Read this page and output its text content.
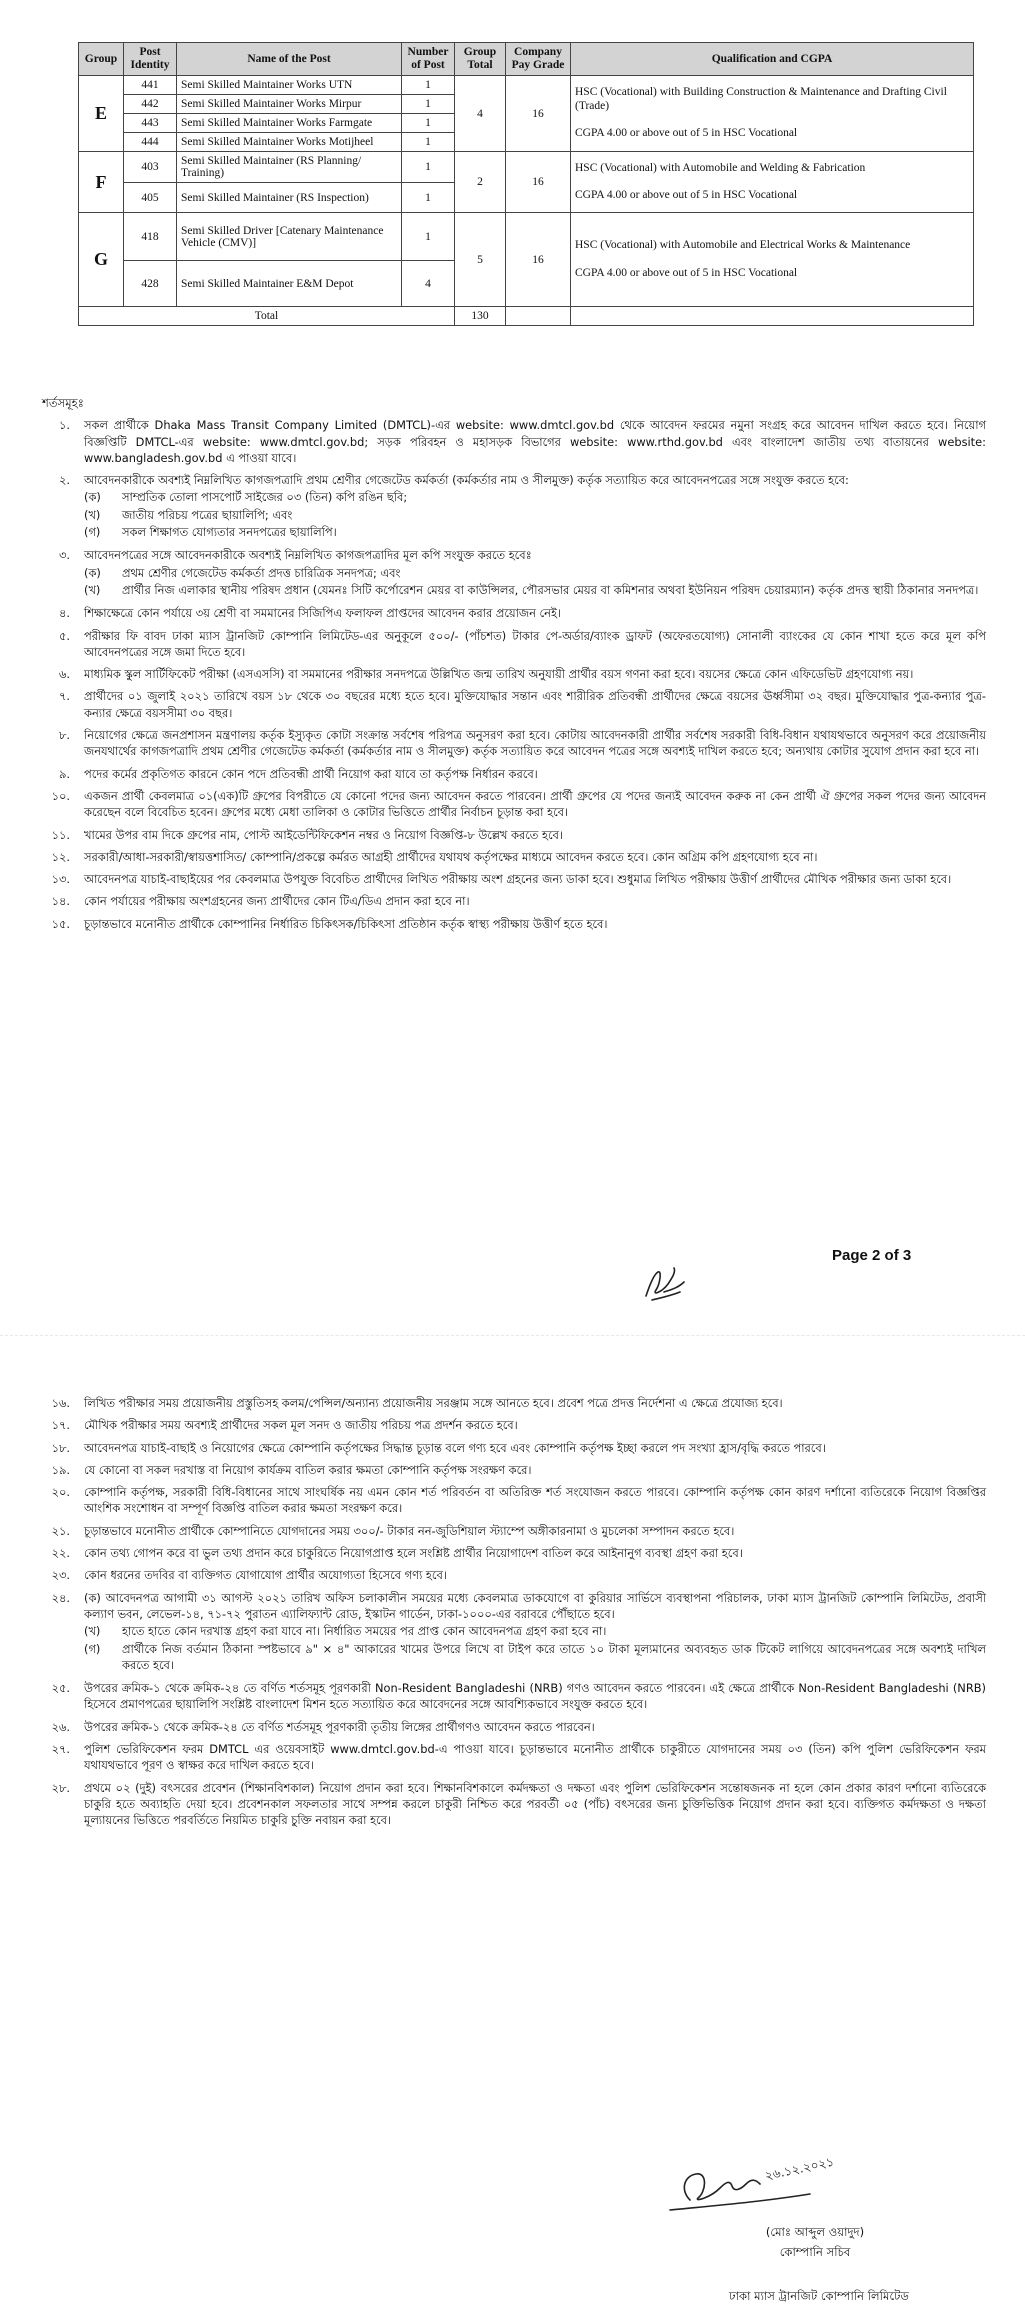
Group	Post Identity	Name of the Post	Number of Post	Group Total	Company Pay Grade	Qualification and CGPA
E	441	Semi Skilled Maintainer Works UTN	1	4	16	HSC (Vocational) with Building Construction & Maintenance and Drafting Civil (Trade)
CGPA 4.00 or above out of 5 in HSC Vocational

	442	Semi Skilled Maintainer Works Mirpur	1			
	443	Semi Skilled Maintainer Works Farmgate	1			
	444	Semi Skilled Maintainer Works Motijheel	1			
F	403	Semi Skilled Maintainer (RS Planning/ Training)	1	2	16	HSC (Vocational) with Automobile and Welding & Fabrication
CGPA 4.00 or above out of 5 in HSC Vocational

	405	Semi Skilled Maintainer (RS Inspection)	1			
G	418	Semi Skilled Driver [Catenary Maintenance Vehicle (CMV)]	1	5	16	HSC (Vocational) with Automobile and Electrical Works & Maintenance
CGPA 4.00 or above out of 5 in HSC Vocational

	428	Semi Skilled Maintainer E&M Depot	4			
Total				130		
শর্তসমূহঃ
১.	সকল প্রার্থীকে Dhaka Mass Transit Company Limited (DMTCL)-এর website: www.dmtcl.gov.bd থেকে আবেদন ফরমের নমুনা সংগ্রহ করে আবেদন দাখিল করতে হবে। নিয়োগ বিজ্ঞপ্তিটি DMTCL-এর website: www.dmtcl.gov.bd; সড়ক পরিবহন ও মহাসড়ক বিভাগের website: www.rthd.gov.bd এবং বাংলাদেশ জাতীয় তথ্য বাতায়নের website: www.bangladesh.gov.bd এ পাওয়া যাবে।
২.	আবেদনকারীকে অবশ্যই নিম্নলিখিত কাগজপত্রাদি প্রথম শ্রেণীর গেজেটেড কর্মকর্তা (কর্মকর্তার নাম ও সীলমুক্ত) কর্তৃক সত্যায়িত করে আবেদনপত্রের সঙ্গে সংযুক্ত করতে হবে:
(ক)	সাম্প্রতিক তোলা পাসপোর্ট সাইজের ০৩ (তিন) কপি রঙিন ছবি;
(খ)	জাতীয় পরিচয় পত্রের ছায়ালিপি; এবং
(গ)	সকল শিক্ষাগত যোগ্যতার সনদপত্রের ছায়ালিপি।
৩.	আবেদনপত্রের সঙ্গে আবেদনকারীকে অবশ্যই নিম্নলিখিত কাগজপত্রাদির মূল কপি সংযুক্ত করতে হবেঃ
(ক)	প্রথম শ্রেণীর গেজেটেড কর্মকর্তা প্রদত্ত চারিত্রিক সনদপত্র; এবং
(খ)	প্রার্থীর নিজ এলাকার স্থানীয় পরিষদ প্রধান (যেমনঃ সিটি কর্পোরেশন মেয়র বা কাউন্সিলর, পৌরসভার মেয়র বা কমিশনার অথবা ইউনিয়ন পরিষদ চেয়ারম্যান) কর্তৃক প্রদত্ত স্থায়ী ঠিকানার সনদপত্র।
৪.	শিক্ষাক্ষেত্রে কোন পর্যায়ে ৩য় শ্রেণী বা সমমানের সিজিপিএ ফলাফল প্রাপ্তদের আবেদন করার প্রয়োজন নেই।
৫.	পরীক্ষার ফি বাবদ ঢাকা ম্যাস ট্রানজিট কোম্পানি লিমিটেড-এর অনুকূলে ৫০০/- (পাঁচশত) টাকার পে-অর্ডার/ব্যাংক ড্রাফট (অফেরতযোগ্য) সোনালী ব্যাংকের যে কোন শাখা হতে করে মূল কপি আবেদনপত্রের সঙ্গে জমা দিতে হবে।
৬.	মাধ্যমিক স্কুল সার্টিফিকেট পরীক্ষা (এসএসসি) বা সমমানের পরীক্ষার সনদপত্রে উল্লিখিত জন্ম তারিখ অনুযায়ী প্রার্থীর বয়স গণনা করা হবে। বয়সের ক্ষেত্রে কোন এফিডেভিট গ্রহণযোগ্য নয়।
৭.	প্রার্থীদের ০১ জুলাই ২০২১ তারিখে বয়স ১৮ থেকে ৩০ বছরের মধ্যে হতে হবে। মুক্তিযোদ্ধার সন্তান এবং শারীরিক প্রতিবন্ধী প্রার্থীদের ক্ষেত্রে বয়সের ঊর্ধ্বসীমা ৩২ বছর। মুক্তিযোদ্ধার পুত্র-কন্যার পুত্র-কন্যার ক্ষেত্রে বয়সসীমা ৩০ বছর।
৮.	নিয়োগের ক্ষেত্রে জনপ্রশাসন মন্ত্রণালয় কর্তৃক ইস্যুকৃত কোটা সংক্রান্ত সর্বশেষ পরিপত্র অনুসরণ করা হবে। কোটায় আবেদনকারী প্রার্থীর সর্বশেষ সরকারী বিধি-বিধান যথাযথভাবে অনুসরণ করে প্রয়োজনীয় জনযথার্থের কাগজপত্রাদি প্রথম শ্রেণীর গেজেটেড কর্মকর্তা (কর্মকর্তার নাম ও সীলমুক্ত) কর্তৃক সত্যায়িত করে আবেদন পত্রের সঙ্গে অবশ্যই দাখিল করতে হবে; অন্যথায় কোটার সুযোগ প্রদান করা হবে না।
৯.	পদের কর্মের প্রকৃতিগত কারনে কোন পদে প্রতিবন্ধী প্রার্থী নিয়োগ করা যাবে তা কর্তৃপক্ষ নির্ধারন করবে।
১০.	একজন প্রার্থী কেবলমাত্র ০১(এক)টি গ্রুপের বিপরীতে যে কোনো পদের জন্য আবেদন করতে পারবেন। প্রার্থী গ্রুপের যে পদের জন্যই আবেদন করুক না কেন প্রার্থী ঐ গ্রুপের সকল পদের জন্য আবেদন করেছেন বলে বিবেচিত হবেন। গ্রুপের মধ্যে মেধা তালিকা ও কোটার ভিত্তিতে প্রার্থীর নির্বাচন চূড়ান্ত করা হবে।
১১.	খামের উপর বাম দিকে গ্রুপের নাম, পোস্ট আইডেন্টিফিকেশন নম্বর ও নিয়োগ বিজ্ঞপ্তি-৮ উল্লেখ করতে হবে।
১২.	সরকারী/আধা-সরকারী/স্বায়ত্তশাসিত/ কোম্পানি/প্রকল্পে কর্মরত আগ্রহী প্রার্থীদের যথাযথ কর্তৃপক্ষের মাধ্যমে আবেদন করতে হবে। কোন অগ্রিম কপি গ্রহণযোগ্য হবে না।
১৩.	আবেদনপত্র যাচাই-বাছাইয়ের পর কেবলমাত্র উপযুক্ত বিবেচিত প্রার্থীদের লিখিত পরীক্ষায় অংশ গ্রহনের জন্য ডাকা হবে। শুধুমাত্র লিখিত পরীক্ষায় উত্তীর্ণ প্রার্থীদের মৌখিক পরীক্ষার জন্য ডাকা হবে।
১৪.	কোন পর্যায়ের পরীক্ষায় অংশগ্রহনের জন্য প্রার্থীদের কোন টিএ/ডিএ প্রদান করা হবে না।
১৫.	চূড়ান্তভাবে মনোনীত প্রার্থীকে কোম্পানির নির্ধারিত চিকিৎসক/চিকিৎসা প্রতিষ্ঠান কর্তৃক স্বাস্থ্য পরীক্ষায় উত্তীর্ণ হতে হবে।
Page 2 of 3
১৬.	লিখিত পরীক্ষার সময় প্রয়োজনীয় প্রস্তুতিসহ কলম/পেন্সিল/অন্যান্য প্রয়োজনীয় সরঞ্জাম সঙ্গে আনতে হবে। প্রবেশ পত্রে প্রদত্ত নির্দেশনা এ ক্ষেত্রে প্রযোজ্য হবে।
১৭.	মৌখিক পরীক্ষার সময় অবশ্যই প্রার্থীদের সকল মূল সনদ ও জাতীয় পরিচয় পত্র প্রদর্শন করতে হবে।
১৮.	আবেদনপত্র যাচাই-বাছাই ও নিয়োগের ক্ষেত্রে কোম্পানি কর্তৃপক্ষের সিদ্ধান্ত চূড়ান্ত বলে গণ্য হবে এবং কোম্পানি কর্তৃপক্ষ ইচ্ছা করলে পদ সংখ্যা হ্রাস/বৃদ্ধি করতে পারবে।
১৯.	যে কোনো বা সকল দরখাস্ত বা নিয়োগ কার্যক্রম বাতিল করার ক্ষমতা কোম্পানি কর্তৃপক্ষ সংরক্ষণ করে।
২০.	কোম্পানি কর্তৃপক্ষ, সরকারী বিধি-বিধানের সাথে সাংঘর্ষিক নয় এমন কোন শর্ত পরিবর্তন বা অতিরিক্ত শর্ত সংযোজন করতে পারবে। কোম্পানি কর্তৃপক্ষ কোন কারণ দর্শানো ব্যতিরেকে নিয়োগ বিজ্ঞপ্তির আংশিক সংশোধন বা সম্পূর্ণ বিজ্ঞপ্তি বাতিল করার ক্ষমতা সংরক্ষণ করে।
২১.	চূড়ান্তভাবে মনোনীত প্রার্থীকে কোম্পানিতে যোগদানের সময় ৩০০/- টাকার নন-জুডিশিয়াল স্ট্যাম্পে অঙ্গীকারনামা ও মুচলেকা সম্পাদন করতে হবে।
২২.	কোন তথ্য গোপন করে বা ভুল তথ্য প্রদান করে চাকুরিতে নিয়োগপ্রাপ্ত হলে সংশ্লিষ্ট প্রার্থীর নিয়োগাদেশ বাতিল করে আইনানুগ ব্যবস্থা গ্রহণ করা হবে।
২৩.	কোন ধরনের তদবির বা ব্যক্তিগত যোগাযোগ প্রার্থীর অযোগ্যতা হিসেবে গণ্য হবে।
২৪.	(ক) আবেদনপত্র আগামী ৩১ আগস্ট ২০২১ তারিখ অফিস চলাকালীন সময়ের মধ্যে কেবলমাত্র ডাকযোগে বা কুরিয়ার সার্ভিসে ব্যবস্থাপনা পরিচালক, ঢাকা ম্যাস ট্রানজিট কোম্পানি লিমিটেড, প্রবাসী কল্যাণ ভবন, লেভেল-১৪, ৭১-৭২ পুরাতন এ্যালিফ্যান্ট রোড, ইস্কাটন গার্ডেন, ঢাকা-১০০০-এর বরাবরে পৌঁছাতে হবে।
(খ)	হাতে হাতে কোন দরখাস্ত গ্রহণ করা যাবে না। নির্ধারিত সময়ের পর প্রাপ্ত কোন আবেদনপত্র গ্রহণ করা হবে না।
(গ)	প্রার্থীকে নিজ বর্তমান ঠিকানা স্পষ্টভাবে ৯" × ৪" আকারের খামের উপরে লিখে বা টাইপ করে তাতে ১০ টাকা মূল্যমানের অব্যবহৃত ডাক টিকেট লাগিয়ে আবেদনপত্রের সঙ্গে অবশ্যই দাখিল করতে হবে।
২৫.	উপরের ক্রমিক-১ থেকে ক্রমিক-২৪ তে বর্ণিত শর্তসমূহ পূরণকারী Non-Resident Bangladeshi (NRB) গণও আবেদন করতে পারবেন। এই ক্ষেত্রে প্রার্থীকে Non-Resident Bangladeshi (NRB) হিসেবে প্রমাণপত্রের ছায়ালিপি সংশ্লিষ্ট বাংলাদেশ মিশন হতে সত্যায়িত করে আবেদনের সঙ্গে আবশ্যিকভাবে সংযুক্ত করতে হবে।
২৬.	উপরের ক্রমিক-১ থেকে ক্রমিক-২৪ তে বর্ণিত শর্তসমূহ পূরণকারী তৃতীয় লিঙ্গের প্রার্থীগণও আবেদন করতে পারবেন।
২৭.	পুলিশ ভেরিফিকেশন ফরম DMTCL এর ওয়েবসাইট www.dmtcl.gov.bd-এ পাওয়া যাবে। চূড়ান্তভাবে মনোনীত প্রার্থীকে চাকুরীতে যোগদানের সময় ০৩ (তিন) কপি পুলিশ ভেরিফিকেশন ফরম যথাযথভাবে পূরণ ও স্বাক্ষর করে দাখিল করতে হবে।
২৮.	প্রথমে ০২ (দুই) বৎসরের প্রবেশন (শিক্ষানবিশকাল) নিয়োগ প্রদান করা হবে। শিক্ষানবিশকালে কর্মদক্ষতা ও দক্ষতা এবং পুলিশ ভেরিফিকেশন সন্তোষজনক না হলে কোন প্রকার কারণ দর্শানো ব্যতিরেকে চাকুরি হতে অব্যাহতি দেয়া হবে। প্রবেশনকাল সফলতার সাথে সম্পন্ন করলে চাকুরী নিশ্চিত করে পরবর্তী ০৫ (পাঁচ) বৎসরের জন্য চুক্তিভিত্তিক নিয়োগ প্রদান করা হবে। ব্যক্তিগত কর্মদক্ষতা ও দক্ষতা মূল্যায়নের ভিত্তিতে পরবর্তিতে নিয়মিত চাকুরি চুক্তি নবায়ন করা হবে।
২৬.১২.২০২১
(মোঃ আব্দুল ওয়াদুদ)
কোম্পানি সচিব
ঢাকা ম্যাস ট্রানজিট কোম্পানি লিমিটেড
